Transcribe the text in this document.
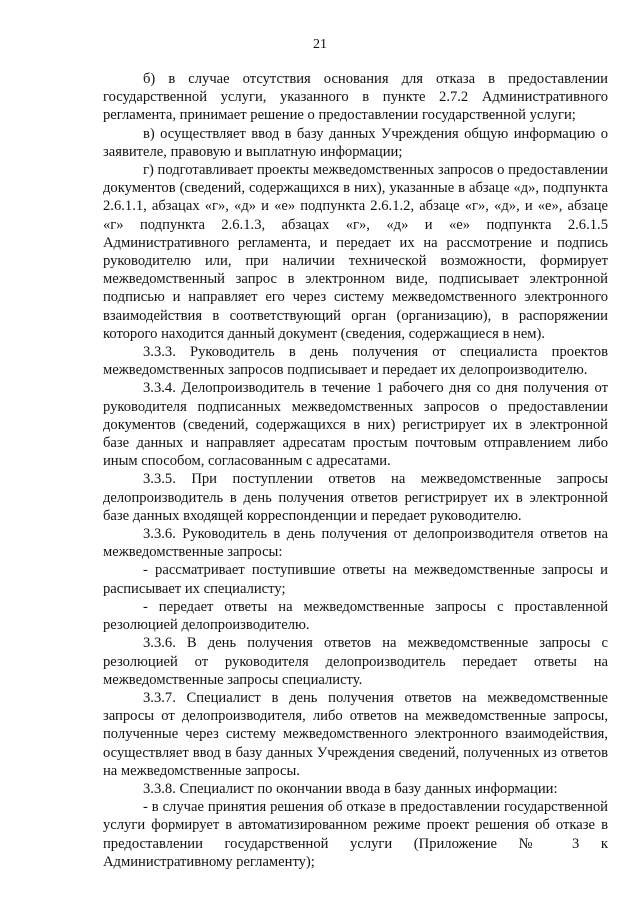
21

б) в случае отсутствия основания для отказа в предоставлении государственной услуги, указанного в пункте 2.7.2 Административного регламента, принимает решение о предоставлении государственной услуги;

в) осуществляет ввод в базу данных Учреждения общую информацию о заявителе, правовую и выплатную информации;

г) подготавливает проекты межведомственных запросов о предоставлении документов (сведений, содержащихся в них), указанные в абзаце «д», подпункта 2.6.1.1, абзацах «г», «д» и «е» подпункта 2.6.1.2, абзаце «г», «д», и «е», абзаце «г» подпункта 2.6.1.3, абзацах «г», «д» и «е» подпункта 2.6.1.5 Административного регламента, и передает их на рассмотрение и подпись руководителю или, при наличии технической возможности, формирует межведомственный запрос в электронном виде, подписывает электронной подписью и направляет его через систему межведомственного электронного взаимодействия в соответствующий орган (организацию), в распоряжении которого находится данный документ (сведения, содержащиеся в нем).

3.3.3. Руководитель в день получения от специалиста проектов межведомственных запросов подписывает и передает их делопроизводителю.

3.3.4. Делопроизводитель в течение 1 рабочего дня со дня получения от руководителя подписанных межведомственных запросов о предоставлении документов (сведений, содержащихся в них) регистрирует их в электронной базе данных и направляет адресатам простым почтовым отправлением либо иным способом, согласованным с адресатами.

3.3.5. При поступлении ответов на межведомственные запросы делопроизводитель в день получения ответов регистрирует их в электронной базе данных входящей корреспонденции и передает руководителю.

3.3.6. Руководитель в день получения от делопроизводителя ответов на межведомственные запросы:

- рассматривает поступившие ответы на межведомственные запросы и расписывает их специалисту;

- передает ответы на межведомственные запросы с проставленной резолюцией делопроизводителю.

3.3.6. В день получения ответов на межведомственные запросы с резолюцией от руководителя делопроизводитель передает ответы на межведомственные запросы специалисту.

3.3.7. Специалист в день получения ответов на межведомственные запросы от делопроизводителя, либо ответов на межведомственные запросы, полученные через систему межведомственного электронного взаимодействия, осуществляет ввод в базу данных Учреждения сведений, полученных из ответов на межведомственные запросы.

3.3.8. Специалист по окончании ввода в базу данных информации:

- в случае принятия решения об отказе в предоставлении государственной услуги формирует в автоматизированном режиме проект решения об отказе в предоставлении государственной услуги (Приложение № 3 к Административному регламенту);
